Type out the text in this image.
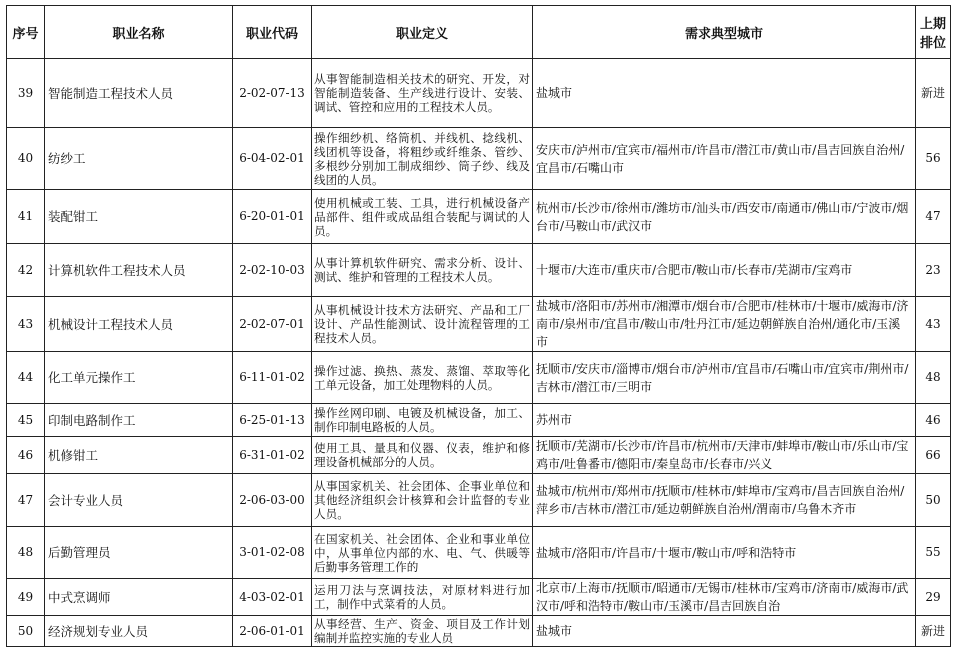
序号	职业名称	职业代码	职业定义	需求典型城市	上期排位
39	智能制造工程技术人员	2-02-07-13	从事智能制造相关技术的研究、开发，对智能制造装备、生产线进行设计、安装、调试、管控和应用的工程技术人员。	盐城市	新进
40	纺纱工	6-04-02-01	操作细纱机、络筒机、并线机、捻线机、线团机等设备，将粗纱或纤维条、管纱、多根纱分别加工制成细纱、筒子纱、线及线团的人员。	安庆市/泸州市/宜宾市/福州市/许昌市/潜江市/黄山市/昌吉回族自治州/宜昌市/石嘴山市	56
41	装配钳工	6-20-01-01	使用机械或工装、工具，进行机械设备产品部件、组件或成品组合装配与调试的人员。	杭州市/长沙市/徐州市/潍坊市/汕头市/西安市/南通市/佛山市/宁波市/烟台市/马鞍山市/武汉市	47
42	计算机软件工程技术人员	2-02-10-03	从事计算机软件研究、需求分析、设计、测试、维护和管理的工程技术人员。	十堰市/大连市/重庆市/合肥市/鞍山市/长春市/芜湖市/宝鸡市	23
43	机械设计工程技术人员	2-02-07-01	从事机械设计技术方法研究、产品和工厂设计、产品性能测试、设计流程管理的工程技术人员。	盐城市/洛阳市/苏州市/湘潭市/烟台市/合肥市/桂林市/十堰市/威海市/济南市/泉州市/宜昌市/鞍山市/牡丹江市/延边朝鲜族自治州/通化市/玉溪市	43
44	化工单元操作工	6-11-01-02	操作过滤、换热、蒸发、蒸馏、萃取等化工单元设备，加工处理物料的人员。	抚顺市/安庆市/淄博市/烟台市/泸州市/宜昌市/石嘴山市/宜宾市/荆州市/吉林市/潜江市/三明市	48
45	印制电路制作工	6-25-01-13	操作丝网印刷、电镀及机械设备，加工、制作印制电路板的人员。	苏州市	46
46	机修钳工	6-31-01-02	使用工具、量具和仪器、仪表，维护和修理设备机械部分的人员。	抚顺市/芜湖市/长沙市/许昌市/杭州市/天津市/蚌埠市/鞍山市/乐山市/宝鸡市/吐鲁番市/德阳市/秦皇岛市/长春市/兴义	66
47	会计专业人员	2-06-03-00	从事国家机关、社会团体、企事业单位和其他经济组织会计核算和会计监督的专业人员。	盐城市/杭州市/郑州市/抚顺市/桂林市/蚌埠市/宝鸡市/昌吉回族自治州/萍乡市/吉林市/潜江市/延边朝鲜族自治州/渭南市/乌鲁木齐市	50
48	后勤管理员	3-01-02-08	在国家机关、社会团体、企业和事业单位中，从事单位内部的水、电、气、供暖等后勤事务管理工作的	盐城市/洛阳市/许昌市/十堰市/鞍山市/呼和浩特市	55
49	中式烹调师	4-03-02-01	运用刀法与烹调技法，对原材料进行加工，制作中式菜肴的人员。	北京市/上海市/抚顺市/昭通市/无锡市/桂林市/宝鸡市/济南市/威海市/武汉市/呼和浩特市/鞍山市/玉溪市/昌吉回族自治	29
50	经济规划专业人员	2-06-01-01	从事经营、生产、资金、项目及工作计划编制并监控实施的专业人员	盐城市	新进
